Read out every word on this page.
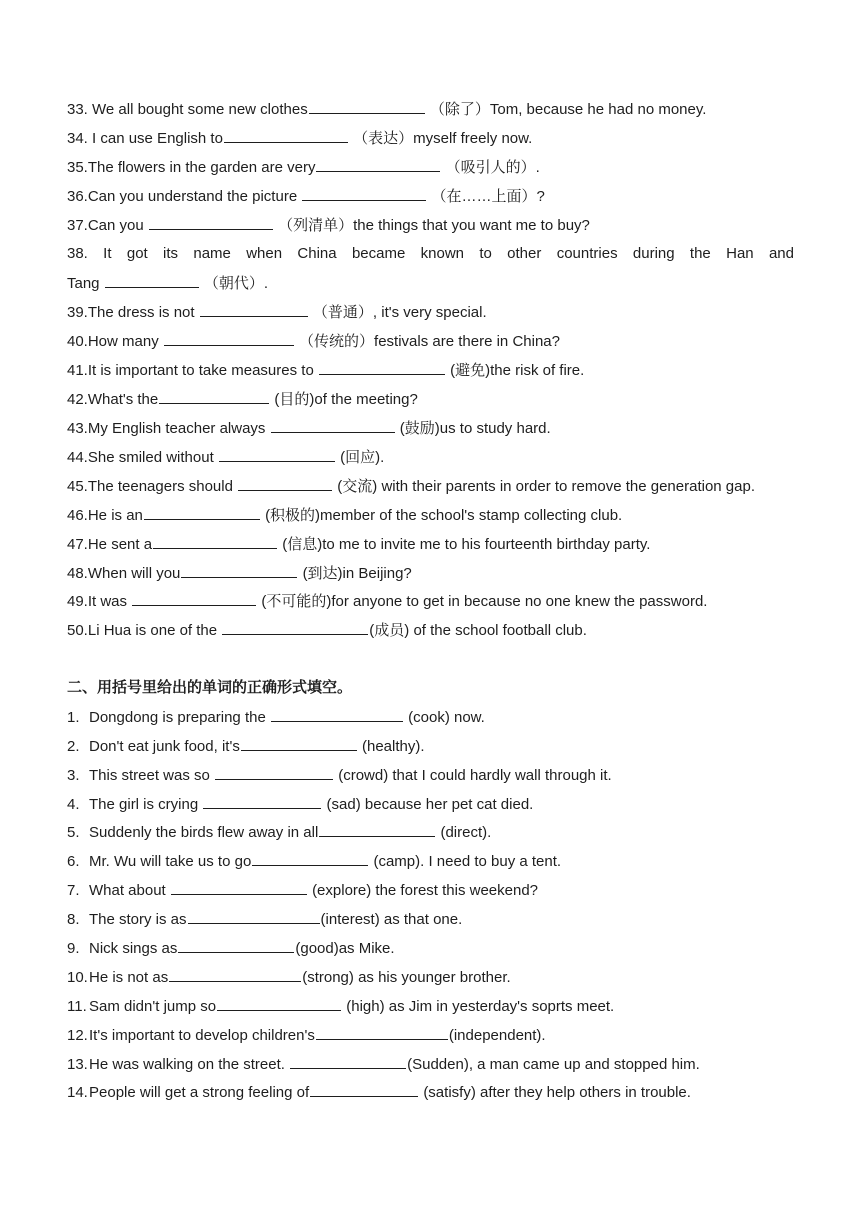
33. We all bought some new clothes	（除了）Tom, because he had no money.
34. I can use English to	（表达）myself freely now.
35.The flowers in the garden are very	（吸引人的）.
36.Can you understand the picture	（在……上面）?
37.Can you	（列清单）the things that you want me to buy?
38. It got its name when China became known to other countries during the Han and
Tang	（朝代）.
39.The dress is not	（普通）, it's very special.
40.How many	（传统的）festivals are there in China?
41.It is important to take measures to	(避免)the risk of fire.
42.What's the	(目的)of the meeting?
43.My English teacher always	(鼓励)us to study hard.
44.She smiled without	(回应).
45.The teenagers should	(交流) with their parents in order to remove the generation gap.
46.He is an	(积极的)member of the school's stamp collecting club.
47.He sent a	(信息)to me to invite me to his fourteenth birthday party.
48.When will you	(到达)in Beijing?
49.It was	(不可能的)for anyone to get in because no one knew the password.
50.Li Hua is one of the	(成员) of the school football club.
二、用括号里给出的单词的正确形式填空。
1. Dongdong is preparing the	(cook) now.
2. Don't eat junk food, it's	(healthy).
3. This street was so	(crowd) that I could hardly wall through it.
4. The girl is crying	(sad) because her pet cat died.
5. Suddenly the birds flew away in all	(direct).
6. Mr. Wu will take us to go	(camp). I need to buy a tent.
7. What about	(explore) the forest this weekend?
8. The story is as	(interest) as that one.
9. Nick sings as	(good)as Mike.
10.He is not as	(strong) as his younger brother.
11. Sam didn't jump so	(high) as Jim in yesterday's soprts meet.
12.It's important to develop children's	(independent).
13.He was walking on the street.	(Sudden), a man came up and stopped him.
14.People will get a strong feeling of	(satisfy) after they help others in trouble.
